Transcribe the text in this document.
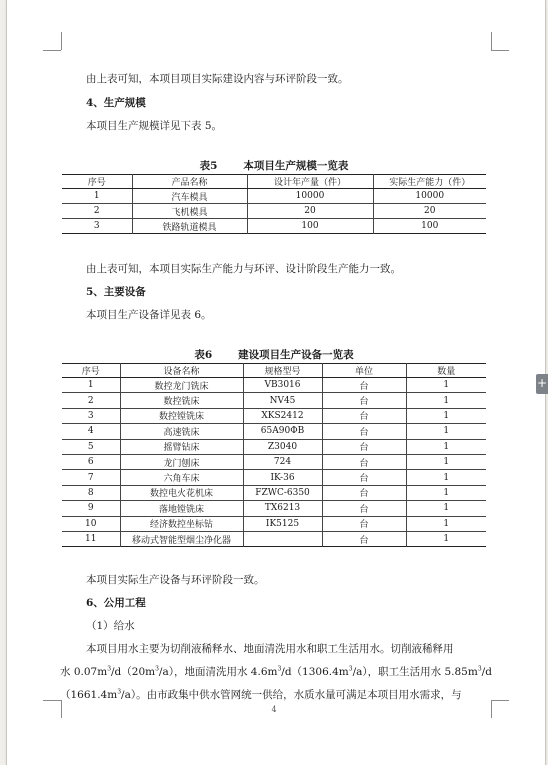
由上表可知，本项目项目实际建设内容与环评阶段一致。
4、生产规模
本项目生产规模详见下表 5。
表5 本项目生产规模一览表
序号	产品名称	设计年产量（件）	实际生产能力（件）
1	汽车模具	10000	10000
2	飞机模具	20	20
3	铁路轨道模具	100	100
由上表可知，本项目实际生产能力与环评、设计阶段生产能力一致。
5、主要设备
本项目生产设备详见表 6。
表6 建设项目生产设备一览表
序号	设备名称	规格型号	单位	数量
1	数控龙门铣床	VB3016	台	1
2	数控铣床	NV45	台	1
3	数控镗铣床	XKS2412	台	1
4	高速铣床	65A90ΦB	台	1
5	摇臂钻床	Z3040	台	1
6	龙门刨床	724	台	1
7	六角车床	IK-36	台	1
8	数控电火花机床	FZWC-6350	台	1
9	落地镗铣床	TX6213	台	1
10	经济数控坐标钻	IK5125	台	1
11	移动式智能型烟尘净化器		台	1
本项目实际生产设备与环评阶段一致。
6、公用工程
（1）给水
本项目用水主要为切削液稀释水、地面清洗用水和职工生活用水。切削液稀释用
水 $0.07m^3/d(20m^3/a)$，地面清洗用水 $4.6m^3/d(1306.4m^3/a)$，职工生活用水 $5.85m^3/d$
$(1661.4m^3/a)$。由市政集中供水管网统一供给，水质水量可满足本项目用水需求，与
4
+
